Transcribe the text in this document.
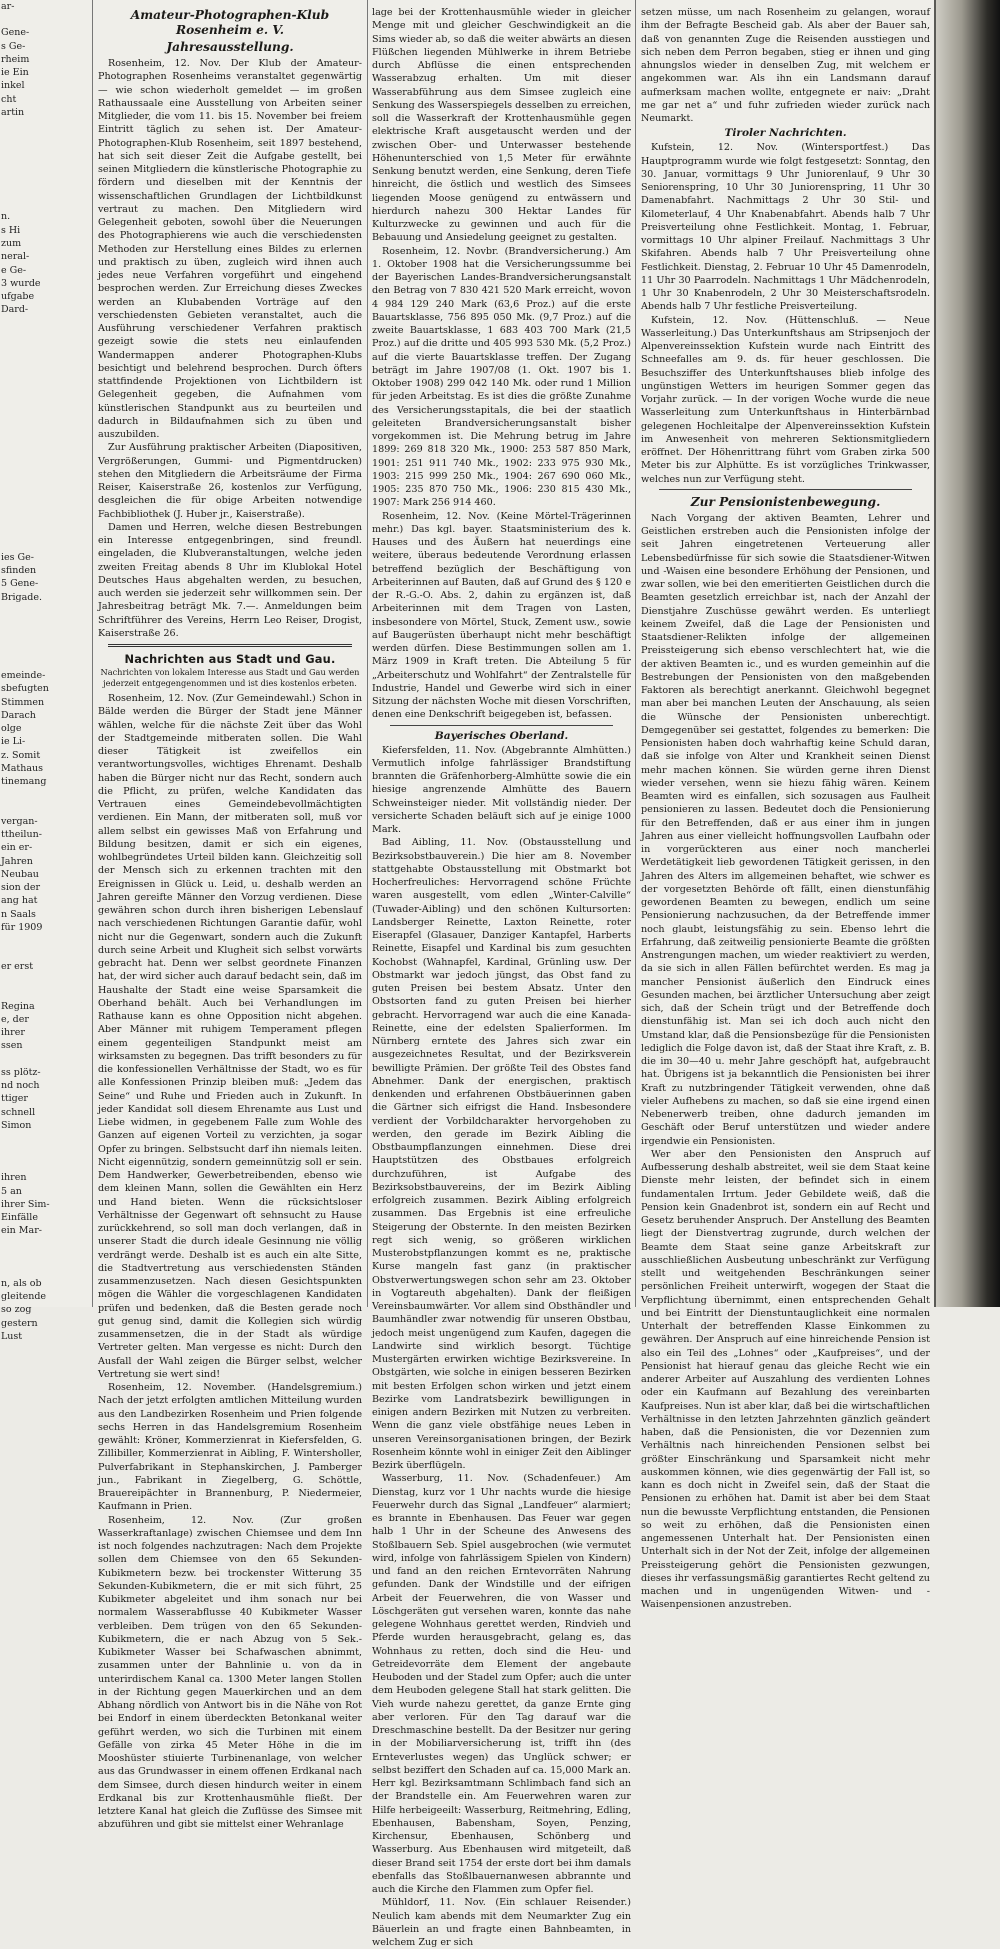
ar-
Gene-
s Ge-
rheim
ie Ein
inkel
cht
artin
n.
s Hi
zum
neral-
e Ge-
3 wurde
ufgabe
Dard-
ies Ge-
sfinden
5 Gene-
Brigade.
emeinde-
sbefugten
Stimmen
Darach
olge
ie Li-
z. Somit
Mathaus
tinemang
vergan-
ttheilun-
ein er-
Jahren
Neubau
sion der
ang hat
n Saals
für 1909
er erst
Regina
e, der
ihrer
ssen
ss plötz-
nd noch
ttiger
schnell
Simon
ihren
5 an
ihrer Sim-
Einfälle
ein Mar-
n, als ob
gleitende
so zog
gestern
Lust
Amateur-Photographen-Klub Rosenheim e. V.
Jahresausstellung.

Rosenheim, 12. Nov. Der Klub der Amateur-Photographen Rosenheims veranstaltet gegenwärtig — wie schon wiederholt gemeldet — im großen Rathaussaale eine Ausstellung von Arbeiten seiner Mitglieder, die vom 11. bis 15. November bei freiem Eintritt täglich zu sehen ist. Der Amateur-Photographen-Klub Rosenheim, seit 1897 bestehend, hat sich seit dieser Zeit die Aufgabe gestellt, bei seinen Mitgliedern die künstlerische Photographie zu fördern und dieselben mit der Kenntnis der wissenschaftlichen Grundlagen der Lichtbildkunst vertraut zu machen. Den Mitgliedern wird Gelegenheit geboten, sowohl über die Neuerungen des Photographierens wie auch die verschiedensten Methoden zur Herstellung eines Bildes zu erlernen und praktisch zu üben, zugleich wird ihnen auch jedes neue Verfahren vorgeführt und eingehend besprochen werden. Zur Erreichung dieses Zweckes werden an Klubabenden Vorträge auf den verschiedensten Gebieten veranstaltet, auch die Ausführung verschiedener Verfahren praktisch gezeigt sowie die stets neu einlaufenden Wandermappen anderer Photographen-Klubs besichtigt und belehrend besprochen. Durch öfters stattfindende Projektionen von Lichtbildern ist Gelegenheit gegeben, die Aufnahmen vom künstlerischen Standpunkt aus zu beurteilen und dadurch in Bildaufnahmen sich zu üben und auszubilden.

Zur Ausführung praktischer Arbeiten (Diapositiven, Vergrößerungen, Gummi- und Pigmentdrucken) stehen den Mitgliedern die Arbeitsräume der Firma Reiser, Kaiserstraße 26, kostenlos zur Verfügung, desgleichen die für obige Arbeiten notwendige Fachbibliothek (J. Huber jr., Kaiserstraße).

Damen und Herren, welche diesen Bestrebungen ein Interesse entgegenbringen, sind freundl. eingeladen, die Klubveranstaltungen, welche jeden zweiten Freitag abends 8 Uhr im Klublokal Hotel Deutsches Haus abgehalten werden, zu besuchen, auch werden sie jederzeit sehr willkommen sein. Der Jahresbeitrag beträgt Mk. 7.—. Anmeldungen beim Schriftführer des Vereins, Herrn Leo Reiser, Drogist, Kaiserstraße 26.

Nachrichten aus Stadt und Gau.
Nachrichten von lokalem Interesse aus Stadt und Gau werden jederzeit entgegengenommen und ist dies kostenlos erbeten.

Rosenheim, 12. Nov. (Zur Gemeindewahl.) Schon in Bälde werden die Bürger der Stadt jene Männer wählen, welche für die nächste Zeit über das Wohl der Stadtgemeinde mitberaten sollen. Die Wahl dieser Tätigkeit ist zweifellos ein verantwortungsvolles, wichtiges Ehrenamt. Deshalb haben die Bürger nicht nur das Recht, sondern auch die Pflicht, zu prüfen, welche Kandidaten das Vertrauen eines Gemeindebevollmächtigten verdienen. Ein Mann, der mitberaten soll, muß vor allem selbst ein gewisses Maß von Erfahrung und Bildung besitzen, damit er sich ein eigenes, wohlbegründetes Urteil bilden kann. Gleichzeitig soll der Mensch sich zu erkennen trachten mit den Ereignissen in Glück u. Leid, u. deshalb werden an Jahren gereifte Männer den Vorzug verdienen. Diese gewähren schon durch ihren bisherigen Lebenslauf nach verschiedenen Richtungen Garantie dafür, wohl nicht nur die Gegenwart, sondern auch die Zukunft durch seine Arbeit und Klugheit sich selbst vorwärts gebracht hat. Denn wer selbst geordnete Finanzen hat, der wird sicher auch darauf bedacht sein, daß im Haushalte der Stadt eine weise Sparsamkeit die Oberhand behält. Auch bei Verhandlungen im Rathause kann es ohne Opposition nicht abgehen. Aber Männer mit ruhigem Temperament pflegen einem gegenteiligen Standpunkt meist am wirksamsten zu begegnen. Das trifft besonders zu für die konfessionellen Verhältnisse der Stadt, wo es für alle Konfessionen Prinzip bleiben muß: „Jedem das Seine“ und Ruhe und Frieden auch in Zukunft. In jeder Kandidat soll diesem Ehrenamte aus Lust und Liebe widmen, in gegebenem Falle zum Wohle des Ganzen auf eigenen Vorteil zu verzichten, ja sogar Opfer zu bringen. Selbstsucht darf ihn niemals leiten. Nicht eigennützig, sondern gemeinnützig soll er sein. Dem Handwerker, Gewerbetreibenden, ebenso wie dem kleinen Mann, sollen die Gewählten ein Herz und Hand bieten. Wenn die rücksichtsloser Verhältnisse der Gegenwart oft sehnsucht zu Hause zurückkehrend, so soll man doch verlangen, daß in unserer Stadt die durch ideale Gesinnung nie völlig verdrängt werde. Deshalb ist es auch ein alte Sitte, die Stadtvertretung aus verschiedensten Ständen zusammenzusetzen. Nach diesen Gesichtspunkten mögen die Wähler die vorgeschlagenen Kandidaten prüfen und bedenken, daß die Besten gerade noch gut genug sind, damit die Kollegien sich würdig zusammensetzen, die in der Stadt als würdige Vertreter gelten. Man vergesse es nicht: Durch den Ausfall der Wahl zeigen die Bürger selbst, welcher Vertretung sie wert sind!

Rosenheim, 12. November. (Handelsgremium.) Nach der jetzt erfolgten amtlichen Mitteilung wurden aus den Landbezirken Rosenheim und Prien folgende sechs Herren in das Handelsgremium Rosenheim gewählt: Kröner, Kommerzienrat in Kiefersfelden, G. Zillibiller, Kommerzienrat in Aibling, F. Wintersholler, Pulverfabrikant in Stephanskirchen, J. Pamberger jun., Fabrikant in Ziegelberg, G. Schöttle, Brauereipächter in Brannenburg, P. Niedermeier, Kaufmann in Prien.

Rosenheim, 12. Nov. (Zur großen Wasserkraftanlage) zwischen Chiemsee und dem Inn ist noch folgendes nachzutragen: Nach dem Projekte sollen dem Chiemsee von den 65 Sekunden-Kubikmetern bezw. bei trockenster Witterung 35 Sekunden-Kubikmetern, die er mit sich führt, 25 Kubikmeter abgeleitet und ihm sonach nur bei normalem Wasserabflusse 40 Kubikmeter Wasser verbleiben. Dem trügen von den 65 Sekunden-Kubikmetern, die er nach Abzug von 5 Sek.-Kubikmeter Wasser bei Schafwaschen abnimmt, zusammen unter der Bahnlinie u. von da in unterirdischem Kanal ca. 1300 Meter langen Stollen in der Richtung gegen Mauerkirchen und an dem Abhang nördlich von Antwort bis in die Nähe von Rot bei Endorf in einem überdeckten Betonkanal weiter geführt werden, wo sich die Turbinen mit einem Gefälle von zirka 45 Meter Höhe in die im Mooshüster stiuierte Turbinenanlage, von welcher aus das Grundwasser in einem offenen Erdkanal nach dem Simsee, durch diesen hindurch weiter in einem Erdkanal bis zur Krottenhausmühle fließt. Der letztere Kanal hat gleich die Zuflüsse des Simsee mit abzuführen und gibt sie mittelst einer Wehranlage

lage bei der Krottenhausmühle wieder in gleicher Menge mit und gleicher Geschwindigkeit an die Sims wieder ab, so daß die weiter abwärts an diesen Flüßchen liegenden Mühlwerke in ihrem Betriebe durch Abflüsse die einen entsprechenden Wasserabzug erhalten. Um mit dieser Wasserabführung aus dem Simsee zugleich eine Senkung des Wasserspiegels desselben zu erreichen, soll die Wasserkraft der Krottenhausmühle gegen elektrische Kraft ausgetauscht werden und der zwischen Ober- und Unterwasser bestehende Höhenunterschied von 1,5 Meter für erwähnte Senkung benutzt werden, eine Senkung, deren Tiefe hinreicht, die östlich und westlich des Simsees liegenden Moose genügend zu entwässern und hierdurch nahezu 300 Hektar Landes für Kulturzwecke zu gewinnen und auch für die Bebauung und Ansiedelung geeignet zu gestalten.

Rosenheim, 12. Novbr. (Brandversicherung.) Am 1. Oktober 1908 hat die Versicherungssumme bei der Bayerischen Landes-Brandversicherungsanstalt den Betrag von 7 830 421 520 Mark erreicht, wovon 4 984 129 240 Mark (63,6 Proz.) auf die erste Bauartsklasse, 756 895 050 Mk. (9,7 Proz.) auf die zweite Bauartsklasse, 1 683 403 700 Mark (21,5 Proz.) auf die dritte und 405 993 530 Mk. (5,2 Proz.) auf die vierte Bauartsklasse treffen. Der Zugang beträgt im Jahre 1907/08 (1. Okt. 1907 bis 1. Oktober 1908) 299 042 140 Mk. oder rund 1 Million für jeden Arbeitstag. Es ist dies die größte Zunahme des Versicherungsstapitals, die bei der staatlich geleiteten Brandversicherungsanstalt bisher vorgekommen ist. Die Mehrung betrug im Jahre 1899: 269 818 320 Mk., 1900: 253 587 850 Mark, 1901: 251 911 740 Mk., 1902: 233 975 930 Mk., 1903: 215 999 250 Mk., 1904: 267 690 060 Mk., 1905: 235 870 750 Mk., 1906: 230 815 430 Mk., 1907: Mark 256 914 460.

Rosenheim, 12. Nov. (Keine Mörtel-Trägerinnen mehr.) Das kgl. bayer. Staatsministerium des k. Hauses und des Äußern hat neuerdings eine weitere, überaus bedeutende Verordnung erlassen betreffend bezüglich der Beschäftigung von Arbeiterinnen auf Bauten, daß auf Grund des § 120 e der R.-G.-O. Abs. 2, dahin zu ergänzen ist, daß Arbeiterinnen mit dem Tragen von Lasten, insbesondere von Mörtel, Stuck, Zement usw., sowie auf Baugerüsten überhaupt nicht mehr beschäftigt werden dürfen. Diese Bestimmungen sollen am 1. März 1909 in Kraft treten. Die Abteilung 5 für „Arbeiterschutz und Wohlfahrt“ der Zentralstelle für Industrie, Handel und Gewerbe wird sich in einer Sitzung der nächsten Woche mit diesen Vorschriften, denen eine Denkschrift beigegeben ist, befassen.

Bayerisches Oberland.

Kiefersfelden, 11. Nov. (Abgebrannte Almhütten.) Vermutlich infolge fahrlässiger Brandstiftung brannten die Gräfenhorberg-Almhütte sowie die ein hiesige angrenzende Almhütte des Bauern Schweinsteiger nieder. Mit vollständig nieder. Der versicherte Schaden beläuft sich auf je einige 1000 Mark.

Bad Aibling, 11. Nov. (Obstausstellung und Bezirksobstbauverein.) Die hier am 8. November stattgehabte Obstausstellung mit Obstmarkt bot Hocherfreuliches: Hervorragend schöne Früchte waren ausgestellt, vom edlen „Winter-Calville“ (Tuwader-Aibling) und den schönen Kultursorten: Landsberger Reinette, Laxton Reinette, roter Eiserapfel (Glasauer, Danziger Kantapfel, Harberts Reinette, Eisapfel und Kardinal bis zum gesuchten Kochobst (Wahnapfel, Kardinal, Grünling usw. Der Obstmarkt war jedoch jüngst, das Obst fand zu guten Preisen bei bestem Absatz. Unter den Obstsorten fand zu guten Preisen bei hierher gebracht. Hervorragend war auch die eine Kanada-Reinette, eine der edelsten Spalierformen. Im Nürnberg erntete des Jahres sich zwar ein ausgezeichnetes Resultat, und der Bezirksverein bewilligte Prämien. Der größte Teil des Obstes fand Abnehmer. Dank der energischen, praktisch denkenden und erfahrenen Obstbäuerinnen gaben die Gärtner sich eifrigst die Hand. Insbesondere verdient der Vorbildcharakter hervorgehoben zu werden, den gerade im Bezirk Aibling die Obstbaumpflanzungen einnehmen. Diese drei Hauptstützen des Obstbaues erfolgreich durchzuführen, ist Aufgabe des Bezirksobstbauvereins, der im Bezirk Aibling erfolgreich zusammen. Bezirk Aibling erfolgreich zusammen. Das Ergebnis ist eine erfreuliche Steigerung der Obsternte. In den meisten Bezirken regt sich wenig, so größeren wirklichen Musterobstpflanzungen kommt es ne, praktische Kurse mangeln fast ganz (in praktischer Obstverwertungswegen schon sehr am 23. Oktober in Vogtareuth abgehalten). Dank der fleißigen Vereinsbaumwärter. Vor allem sind Obsthändler und Baumhändler zwar notwendig für unseren Obstbau, jedoch meist ungenügend zum Kaufen, dagegen die Landwirte sind wirklich besorgt. Tüchtige Mustergärten erwirken wichtige Bezirksvereine. In Obstgärten, wie solche in einigen besseren Bezirken mit besten Erfolgen schon wirken und jetzt einem Bezirke vom Landratsbezirk bewilligungen in einigen andern Bezirken mit Nutzen zu verbreiten. Wenn die ganz viele obstfähige neues Leben in unseren Vereinsorganisationen bringen, der Bezirk Rosenheim könnte wohl in einiger Zeit den Aiblinger Bezirk überflügeln.

Wasserburg, 11. Nov. (Schadenfeuer.) Am Dienstag, kurz vor 1 Uhr nachts wurde die hiesige Feuerwehr durch das Signal „Landfeuer“ alarmiert; es brannte in Ebenhausen. Das Feuer war gegen halb 1 Uhr in der Scheune des Anwesens des Stoßlbauern Seb. Spiel ausgebrochen (wie vermutet wird, infolge von fahrlässigem Spielen von Kindern) und fand an den reichen Erntevorräten Nahrung gefunden. Dank der Windstille und der eifrigen Arbeit der Feuerwehren, die von Wasser und Löschgeräten gut versehen waren, konnte das nahe gelegene Wohnhaus gerettet werden, Rindvieh und Pferde wurden herausgebracht, gelang es, das Wohnhaus zu retten, doch sind die Heu- und Getreidevorräte dem Element der angebaute Heuboden und der Stadel zum Opfer; auch die unter dem Heuboden gelegene Stall hat stark gelitten. Die Vieh wurde nahezu gerettet, da ganze Ernte ging aber verloren. Für den Tag darauf war die Dreschmaschine bestellt. Da der Besitzer nur gering in der Mobiliarversicherung ist, trifft ihn (des Ernteverlustes wegen) das Unglück schwer; er selbst beziffert den Schaden auf ca. 15,000 Mark an. Herr kgl. Bezirksamtmann Schlimbach fand sich an der Brandstelle ein. Am Feuerwehren waren zur Hilfe herbeigeeilt: Wasserburg, Reitmehring, Edling, Ebenhausen, Babensham, Soyen, Penzing, Kirchensur, Ebenhausen, Schönberg und Wasserburg. Aus Ebenhausen wird mitgeteilt, daß dieser Brand seit 1754 der erste dort bei ihm damals ebenfalls das Stoßlbauernanwesen abbrannte und auch die Kirche den Flammen zum Opfer fiel.

Mühldorf, 11. Nov. (Ein schlauer Reisender.) Neulich kam abends mit dem Neumarkter Zug ein Bäuerlein an und fragte einen Bahnbeamten, in welchem Zug er sich

setzen müsse, um nach Rosenheim zu gelangen, worauf ihm der Befragte Bescheid gab. Als aber der Bauer sah, daß von genannten Zuge die Reisenden ausstiegen und sich neben dem Perron begaben, stieg er ihnen und ging ahnungslos wieder in denselben Zug, mit welchem er angekommen war. Als ihn ein Landsmann darauf aufmerksam machen wollte, entgegnete er naiv: „Draht me gar net a“ und fuhr zufrieden wieder zurück nach Neumarkt.

Tiroler Nachrichten.

Kufstein, 12. Nov. (Wintersportfest.) Das Hauptprogramm wurde wie folgt festgesetzt: Sonntag, den 30. Januar, vormittags 9 Uhr Juniorenlauf, 9 Uhr 30 Seniorenspring, 10 Uhr 30 Juniorenspring, 11 Uhr 30 Damenabfahrt. Nachmittags 2 Uhr 30 Stil- und Kilometerlauf, 4 Uhr Knabenabfahrt. Abends halb 7 Uhr Preisverteilung ohne Festlichkeit. Montag, 1. Februar, vormittags 10 Uhr alpiner Freilauf. Nachmittags 3 Uhr Skifahren. Abends halb 7 Uhr Preisverteilung ohne Festlichkeit. Dienstag, 2. Februar 10 Uhr 45 Damenrodeln, 11 Uhr 30 Paarrodeln. Nachmittags 1 Uhr Mädchenrodeln, 1 Uhr 30 Knabenrodeln, 2 Uhr 30 Meisterschaftsrodeln. Abends halb 7 Uhr festliche Preisverteilung.

Kufstein, 12. Nov. (Hüttenschluß. — Neue Wasserleitung.) Das Unterkunftshaus am Stripsenjoch der Alpenvereinssektion Kufstein wurde nach Eintritt des Schneefalles am 9. ds. für heuer geschlossen. Die Besuchsziffer des Unterkunftshauses blieb infolge des ungünstigen Wetters im heurigen Sommer gegen das Vorjahr zurück. — In der vorigen Woche wurde die neue Wasserleitung zum Unterkunftshaus in Hinterbärnbad gelegenen Hochleitalpe der Alpenvereinssektion Kufstein im Anwesenheit von mehreren Sektionsmitgliedern eröffnet. Der Höhenrittrang führt vom Graben zirka 500 Meter bis zur Alphütte. Es ist vorzügliches Trinkwasser, welches nun zur Verfügung steht.

Zur Pensionistenbewegung.

Nach Vorgang der aktiven Beamten, Lehrer und Geistlichen erstreben auch die Pensionisten infolge der seit Jahren eingetretenen Verteuerung aller Lebensbedürfnisse für sich sowie die Staatsdiener-Witwen und -Waisen eine besondere Erhöhung der Pensionen, und zwar sollen, wie bei den emeritierten Geistlichen durch die Beamten gesetzlich erreichbar ist, nach der Anzahl der Dienstjahre Zuschüsse gewährt werden. Es unterliegt keinem Zweifel, daß die Lage der Pensionisten und Staatsdiener-Relikten infolge der allgemeinen Preissteigerung sich ebenso verschlechtert hat, wie die der aktiven Beamten ic., und es wurden gemeinhin auf die Bestrebungen der Pensionisten von den maßgebenden Faktoren als berechtigt anerkannt. Gleichwohl begegnet man aber bei manchen Leuten der Anschauung, als seien die Wünsche der Pensionisten unberechtigt. Demgegenüber sei gestattet, folgendes zu bemerken: Die Pensionisten haben doch wahrhaftig keine Schuld daran, daß sie infolge von Alter und Krankheit seinen Dienst mehr machen können. Sie würden gerne ihren Dienst wieder versehen, wenn sie hiezu fähig wären. Keinem Beamten wird es einfallen, sich sozusagen aus Faulheit pensionieren zu lassen. Bedeutet doch die Pensionierung für den Betreffenden, daß er aus einer ihm in jungen Jahren aus einer vielleicht hoffnungsvollen Laufbahn oder in vorgerückteren aus einer noch mancherlei Werdetätigkeit lieb gewordenen Tätigkeit gerissen, in den Jahren des Alters im allgemeinen behaftet, wie schwer es der vorgesetzten Behörde oft fällt, einen dienstunfähig gewordenen Beamten zu bewegen, endlich um seine Pensionierung nachzusuchen, da der Betreffende immer noch glaubt, leistungsfähig zu sein. Ebenso lehrt die Erfahrung, daß zeitweilig pensionierte Beamte die größten Anstrengungen machen, um wieder reaktiviert zu werden, da sie sich in allen Fällen befürchtet werden. Es mag ja mancher Pensionist äußerlich den Eindruck eines Gesunden machen, bei ärztlicher Untersuchung aber zeigt sich, daß der Schein trügt und der Betreffende doch dienstunfähig ist. Man sei ich doch auch nicht den Umstand klar, daß die Pensionsbezüge für die Pensionisten lediglich die Folge davon ist, daß der Staat ihre Kraft, z. B. die im 30—40 u. mehr Jahre geschöpft hat, aufgebraucht hat. Übrigens ist ja bekanntlich die Pensionisten bei ihrer Kraft zu nutzbringender Tätigkeit verwenden, ohne daß vieler Aufhebens zu machen, so daß sie eine irgend einen Nebenerwerb treiben, ohne dadurch jemanden im Geschäft oder Beruf unterstützen und wieder andere irgendwie ein Pensionisten.

Wer aber den Pensionisten den Anspruch auf Aufbesserung deshalb abstreitet, weil sie dem Staat keine Dienste mehr leisten, der befindet sich in einem fundamentalen Irrtum. Jeder Gebildete weiß, daß die Pension kein Gnadenbrot ist, sondern ein auf Recht und Gesetz beruhender Anspruch. Der Anstellung des Beamten liegt der Dienstvertrag zugrunde, durch welchen der Beamte dem Staat seine ganze Arbeitskraft zur ausschließlichen Ausbeutung unbeschränkt zur Verfügung stellt und weitgehenden Beschränkungen seiner persönlichen Freiheit unterwirft, wogegen der Staat die Verpflichtung übernimmt, einen entsprechenden Gehalt und bei Eintritt der Dienstuntauglichkeit eine normalen Unterhalt der betreffenden Klasse Einkommen zu gewähren. Der Anspruch auf eine hinreichende Pension ist also ein Teil des „Lohnes“ oder „Kaufpreises“, und der Pensionist hat hierauf genau das gleiche Recht wie ein anderer Arbeiter auf Auszahlung des verdienten Lohnes oder ein Kaufmann auf Bezahlung des vereinbarten Kaufpreises. Nun ist aber klar, daß bei die wirtschaftlichen Verhältnisse in den letzten Jahrzehnten gänzlich geändert haben, daß die Pensionisten, die vor Dezennien zum Verhältnis nach hinreichenden Pensionen selbst bei größter Einschränkung und Sparsamkeit nicht mehr auskommen können, wie dies gegenwärtig der Fall ist, so kann es doch nicht in Zweifel sein, daß der Staat die Pensionen zu erhöhen hat. Damit ist aber bei dem Staat nun die bewusste Verpflichtung entstanden, die Pensionen so weit zu erhöhen, daß die Pensionisten einen angemessenen Unterhalt hat. Der Pensionisten einen Unterhalt sich in der Not der Zeit, infolge der allgemeinen Preissteigerung gehört die Pensionisten gezwungen, dieses ihr verfassungsmäßig garantiertes Recht geltend zu machen und in ungenügenden Witwen- und -Waisenpensionen anzustreben.
